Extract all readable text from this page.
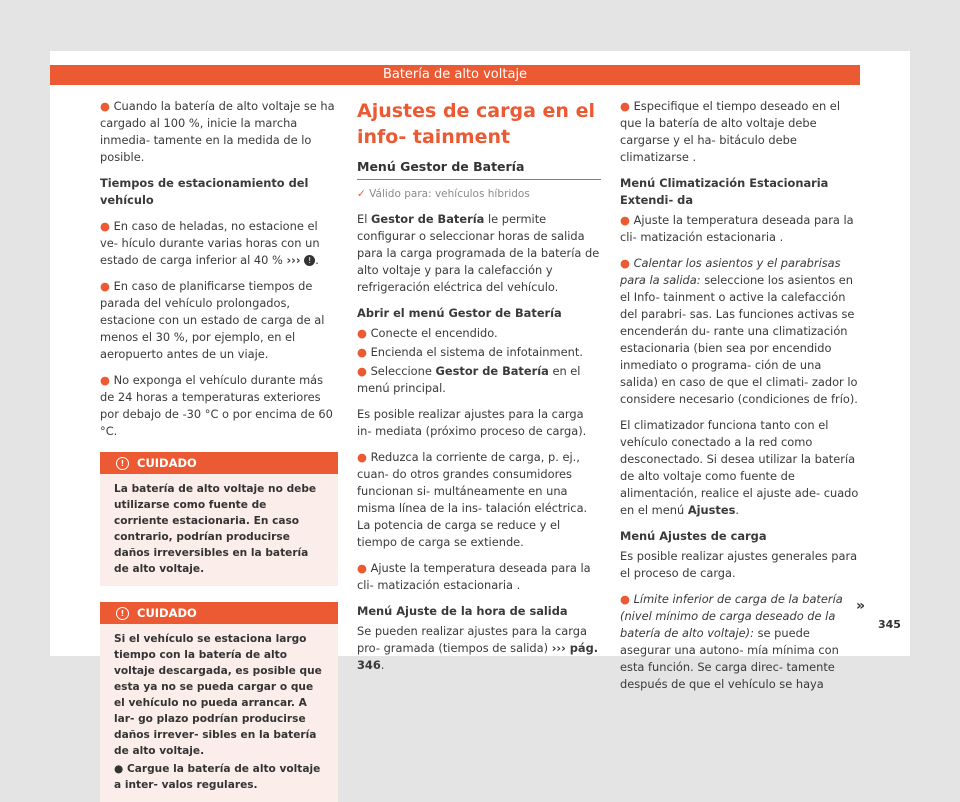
Batería de alto voltaje

● Cuando la batería de alto voltaje se ha cargado al 100 %, inicie la marcha inmedia- tamente en la medida de lo posible.

Tiempos de estacionamiento del vehículo

● En caso de heladas, no estacione el ve- hículo durante varias horas con un estado de carga inferior al 40 % ››› ! .

● En caso de planificarse tiempos de parada del vehículo prolongados, estacione con un estado de carga de al menos el 30 %, por ejemplo, en el aeropuerto antes de un viaje.

● No exponga el vehículo durante más de 24 horas a temperaturas exteriores por debajo de -30 °C o por encima de 60 °C.

! CUIDADO
La batería de alto voltaje no debe utilizarse como fuente de corriente estacionaria. En caso contrario, podrían producirse daños irreversibles en la batería de alto voltaje.
! CUIDADO
Si el vehículo se estaciona largo tiempo con la batería de alto voltaje descargada, es posible que esta ya no se pueda cargar o que el vehículo no pueda arrancar. A lar- go plazo podrían producirse daños irrever- sibles en la batería de alto voltaje.
● Cargue la batería de alto voltaje a inter- valos regulares.
Ajustes de carga en el info- tainment
Menú Gestor de Batería

✓ Válido para: vehículos híbridos

El Gestor de Batería le permite configurar o seleccionar horas de salida para la carga programada de la batería de alto voltaje y para la calefacción y refrigeración eléctrica del vehículo.

Abrir el menú Gestor de Batería

● Conecte el encendido.

● Encienda el sistema de infotainment.

● Seleccione Gestor de Batería en el menú principal.

Es posible realizar ajustes para la carga in- mediata (próximo proceso de carga).

● Reduzca la corriente de carga, p. ej., cuan- do otros grandes consumidores funcionan si- multáneamente en una misma línea de la ins- talación eléctrica. La potencia de carga se reduce y el tiempo de carga se extiende.

● Ajuste la temperatura deseada para la cli- matización estacionaria .

Menú Ajuste de la hora de salida

Se pueden realizar ajustes para la carga pro- gramada (tiempos de salida) ››› pág. 346.

● Especifique el tiempo deseado en el que la batería de alto voltaje debe cargarse y el ha- bitáculo debe climatizarse .

Menú Climatización Estacionaria Extendi- da

● Ajuste la temperatura deseada para la cli- matización estacionaria .

● Calentar los asientos y el parabrisas para la salida: seleccione los asientos en el Info- tainment o active la calefacción del parabri- sas. Las funciones activas se encenderán du- rante una climatización estacionaria (bien sea por encendido inmediato o programa- ción de una salida) en caso de que el climati- zador lo considere necesario (condiciones de frío).

El climatizador funciona tanto con el vehículo conectado a la red como desconectado. Si desea utilizar la batería de alto voltaje como fuente de alimentación, realice el ajuste ade- cuado en el menú Ajustes.

Menú Ajustes de carga

Es posible realizar ajustes generales para el proceso de carga.

● Límite inferior de carga de la batería (nivel mínimo de carga deseado de la batería de alto voltaje): se puede asegurar una autono- mía mínima con esta función. Se carga direc- tamente después de que el vehículo se haya

»
345
